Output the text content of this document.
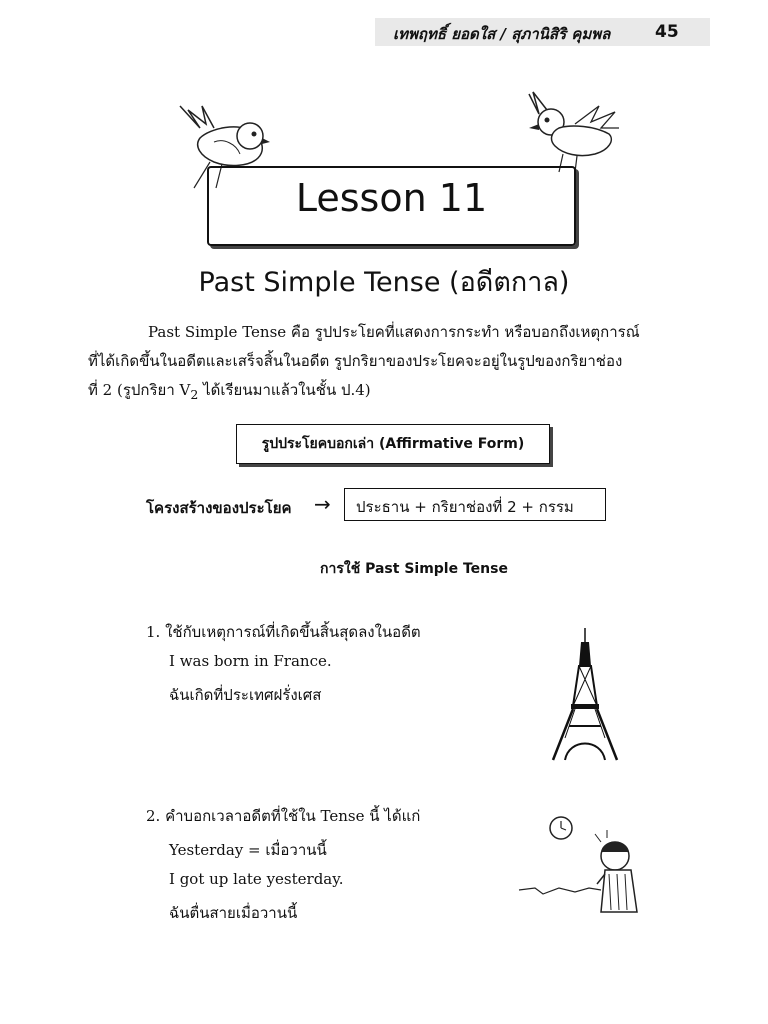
เทพฤทธิ์ ยอดใส / สุภานิสิริ คุมพล	45
Lesson 11
Past Simple Tense (อดีตกาล)
Past Simple Tense คือ รูปประโยคที่แสดงการกระทำ หรือบอกถึงเหตุการณ์
ที่ได้เกิดขึ้นในอดีตและเสร็จสิ้นในอดีต รูปกริยาของประโยคจะอยู่ในรูปของกริยาช่อง
ที่ 2 (รูปกริยา $V_2$ ได้เรียนมาแล้วในชั้น ป.4)
รูปประโยคบอกเล่า (Affirmative Form)
โครงสร้างของประโยค → ประธาน + กริยาช่องที่ 2 + กรรม
การใช้ Past Simple Tense
1. ใช้กับเหตุการณ์ที่เกิดขึ้นสิ้นสุดลงในอดีต
I was born in France.
ฉันเกิดที่ประเทศฝรั่งเศส
2. คำบอกเวลาอดีตที่ใช้ใน Tense นี้ ได้แก่
Yesterday = เมื่อวานนี้
I got up late yesterday.
ฉันตื่นสายเมื่อวานนี้
